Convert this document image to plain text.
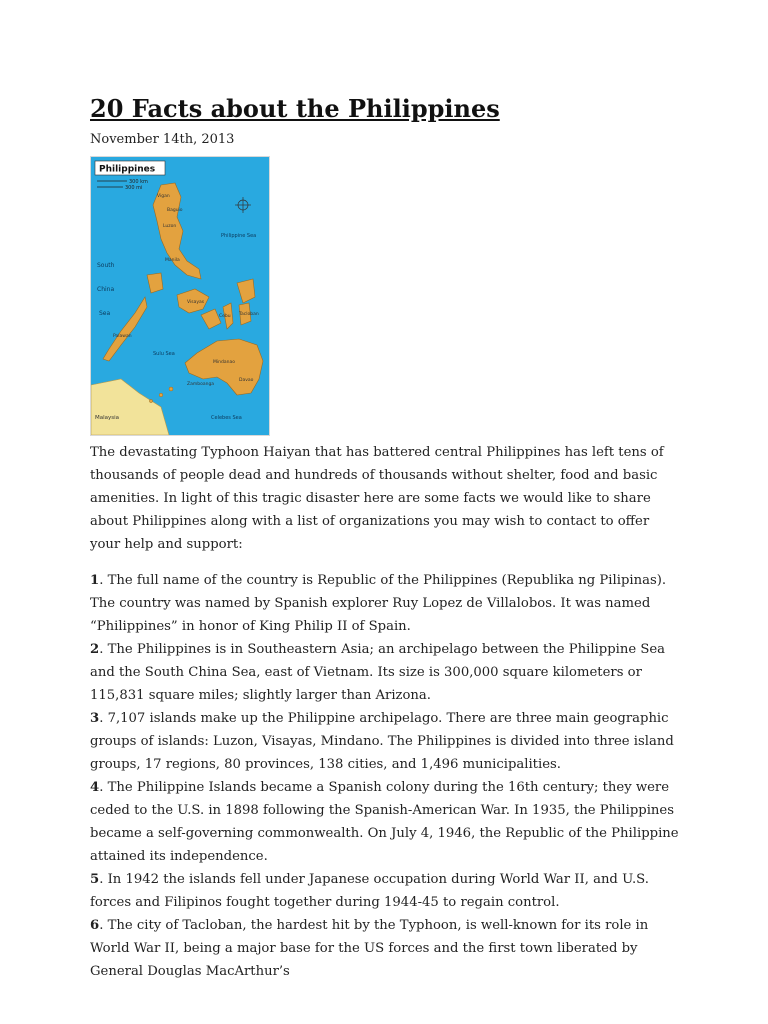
20 Facts about the Philippines
November 14th, 2013
Philippines
300 km
300 mi
South
China
Sea
Philippine Sea
Sulu Sea
Celebes Sea
Malaysia
Palawan
Manila
Luzon
Baguio
Vigan
Visayas
Cebu Tacloban
Mindanao
Davao
Zamboanga

The devastating Typhoon Haiyan that has battered central Philippines has left tens of thousands of people dead and hundreds of thousands without shelter, food and basic amenities. In light of this tragic disaster here are some facts we would like to share about Philippines along with a list of organizations you may wish to contact to offer your help and support:

1. The full name of the country is Republic of the Philippines (Republika ng Pilipinas). The country was named by Spanish explorer Ruy Lopez de Villalobos. It was named “Philippines” in honor of King Philip II of Spain.

2. The Philippines is in Southeastern Asia; an archipelago between the Philippine Sea and the South China Sea, east of Vietnam. Its size is 300,000 square kilometers or 115,831 square miles; slightly larger than Arizona.

3. 7,107 islands make up the Philippine archipelago. There are three main geographic groups of islands: Luzon, Visayas, Mindano. The Philippines is divided into three island groups, 17 regions, 80 provinces, 138 cities, and 1,496 municipalities.

4. The Philippine Islands became a Spanish colony during the 16th century; they were ceded to the U.S. in 1898 following the Spanish-American War. In 1935, the Philippines became a self-governing commonwealth. On July 4, 1946, the Republic of the Philippine attained its independence.

5. In 1942 the islands fell under Japanese occupation during World War II, and U.S. forces and Filipinos fought together during 1944-45 to regain control.

6. The city of Tacloban, the hardest hit by the Typhoon, is well-known for its role in World War II, being a major base for the US forces and the first town liberated by General Douglas MacArthur’s
